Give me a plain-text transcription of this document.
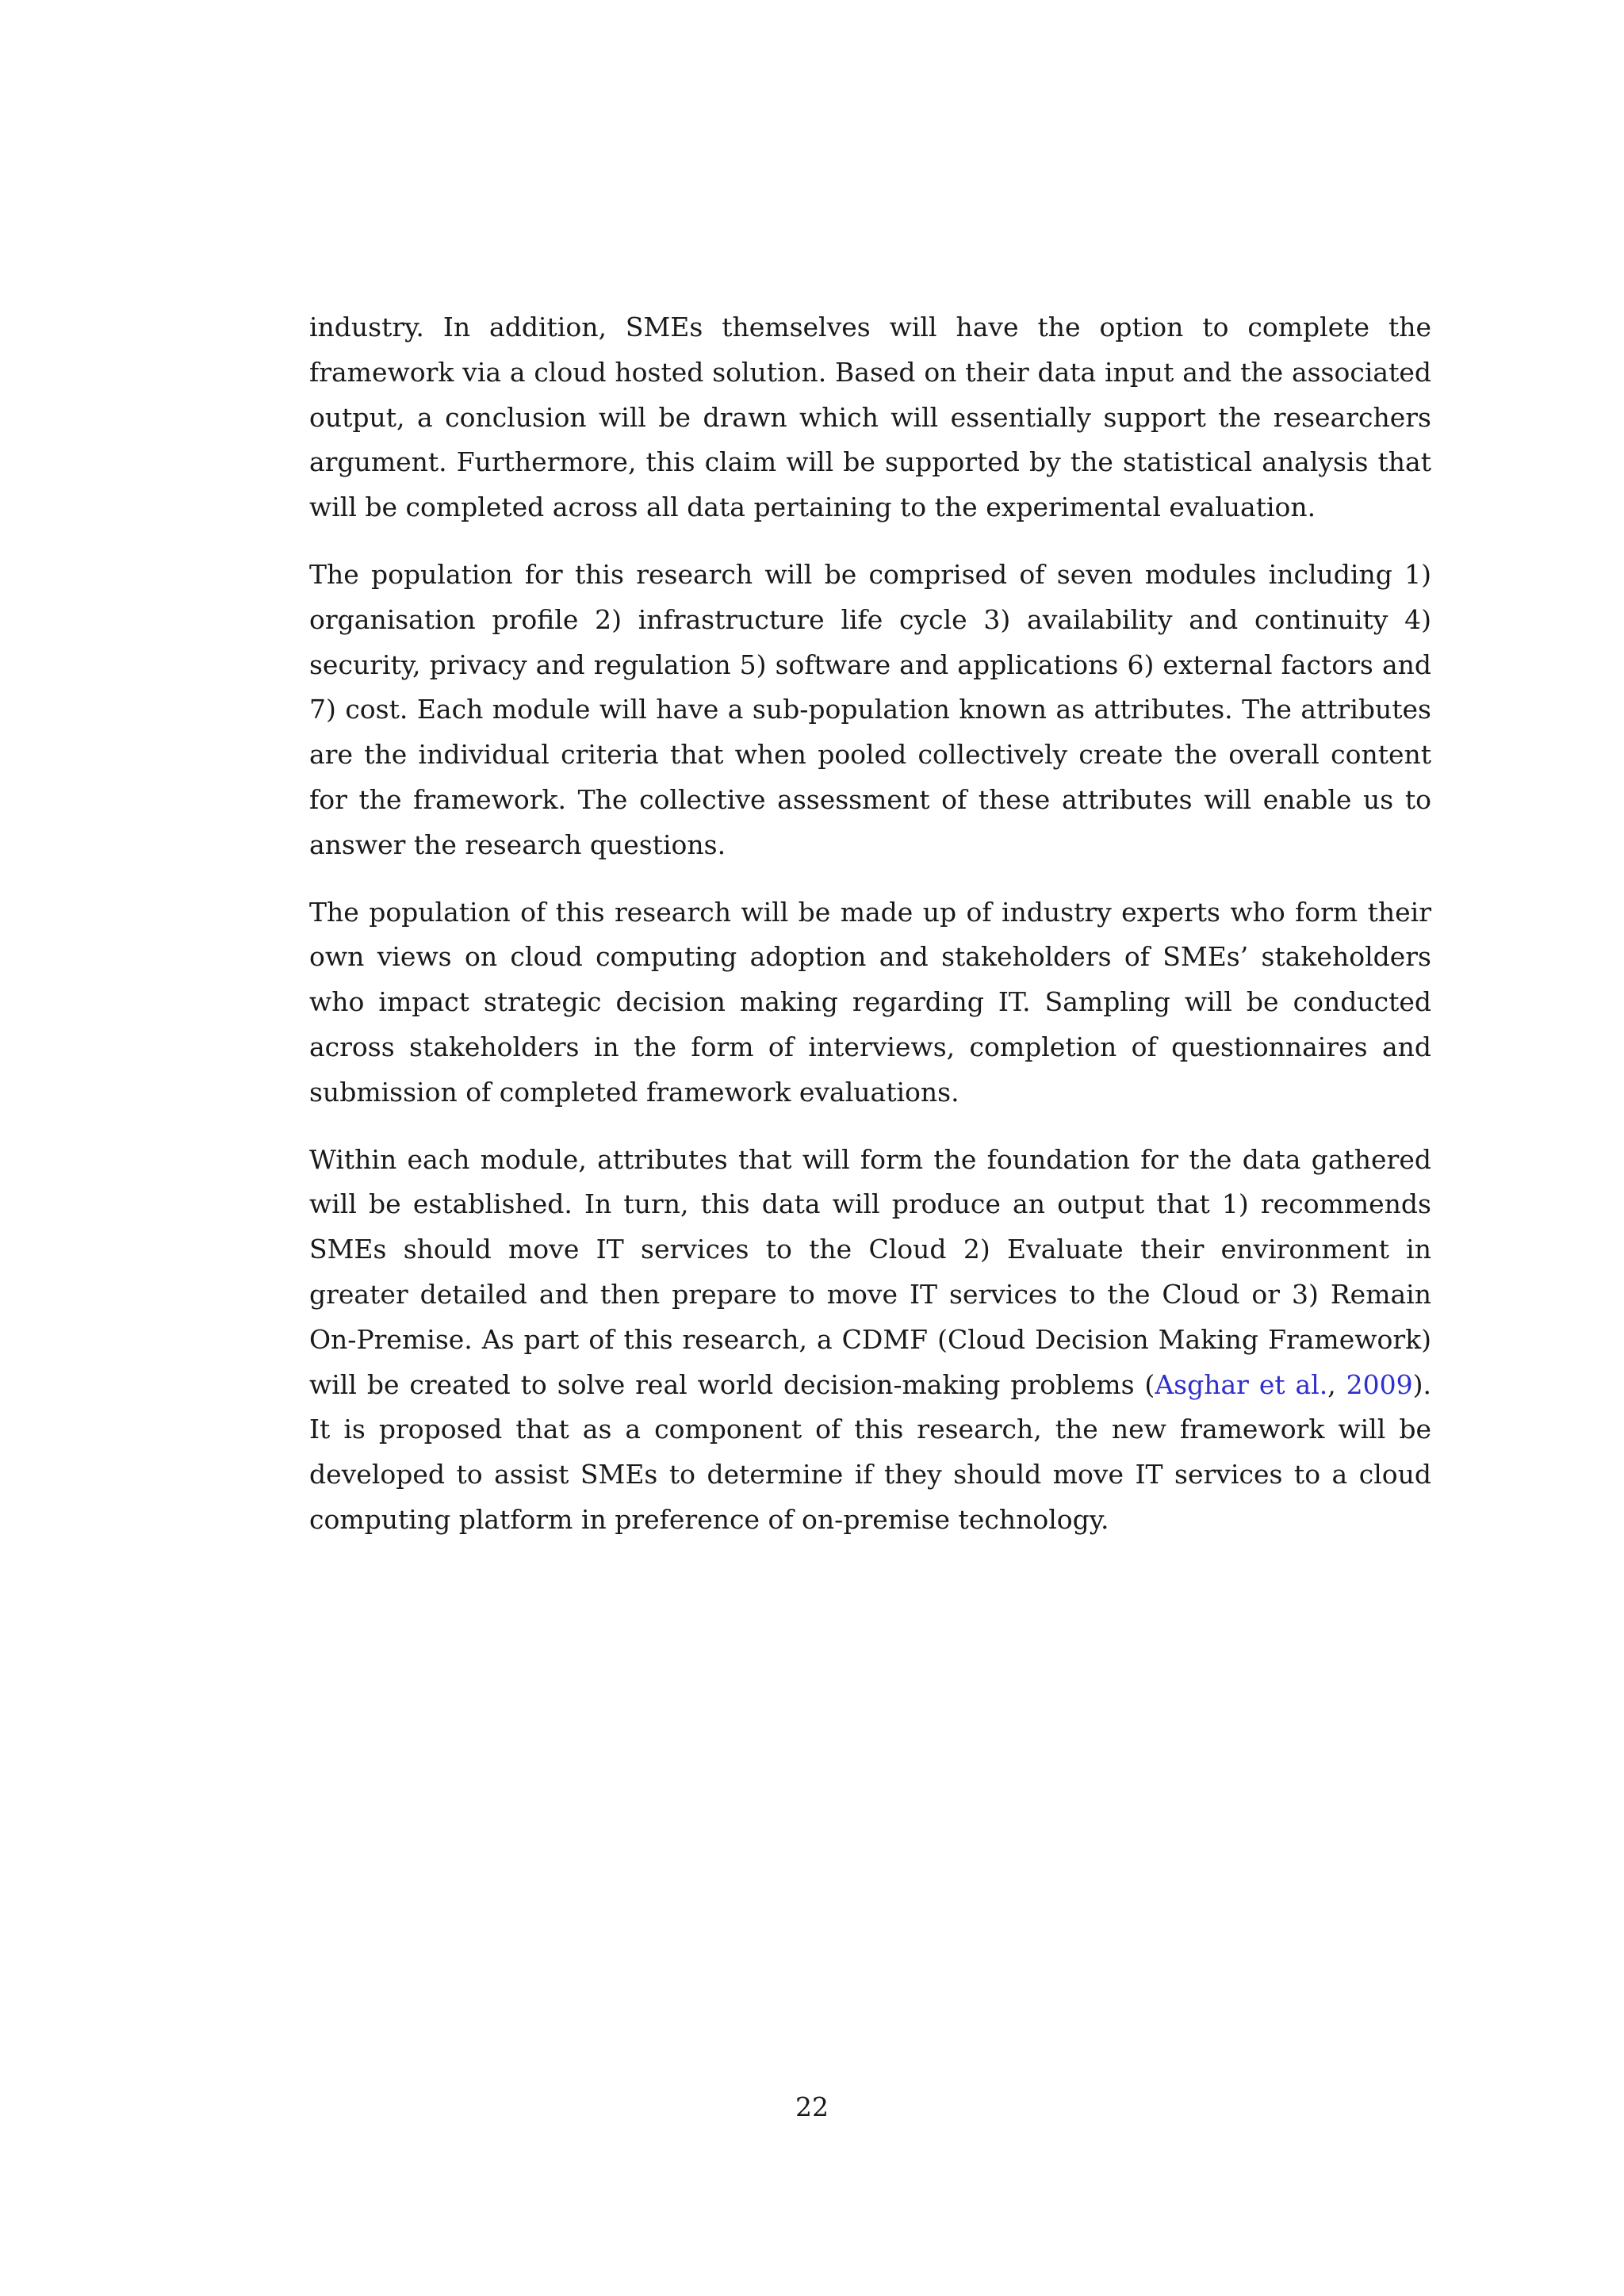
industry. In addition, SMEs themselves will have the option to complete the framework via a cloud hosted solution. Based on their data input and the associated output, a conclusion will be drawn which will essentially support the researchers argument. Furthermore, this claim will be supported by the statistical analysis that will be completed across all data pertaining to the experimental evaluation.

The population for this research will be comprised of seven modules including 1) organisation profile 2) infrastructure life cycle 3) availability and continuity 4) security, privacy and regulation 5) software and applications 6) external factors and 7) cost. Each module will have a sub-population known as attributes. The attributes are the individual criteria that when pooled collectively create the overall content for the framework. The collective assessment of these attributes will enable us to answer the research questions.

The population of this research will be made up of industry experts who form their own views on cloud computing adoption and stakeholders of SMEs’ stakeholders who impact strategic decision making regarding IT. Sampling will be conducted across stakeholders in the form of interviews, completion of questionnaires and submission of completed framework evaluations.

Within each module, attributes that will form the foundation for the data gathered will be established. In turn, this data will produce an output that 1) recommends SMEs should move IT services to the Cloud 2) Evaluate their environment in greater detailed and then prepare to move IT services to the Cloud or 3) Remain On-Premise. As part of this research, a CDMF (Cloud Decision Making Framework) will be created to solve real world decision-making problems (Asghar et al., 2009). It is proposed that as a component of this research, the new framework will be developed to assist SMEs to determine if they should move IT services to a cloud computing platform in preference of on-premise technology.

22
